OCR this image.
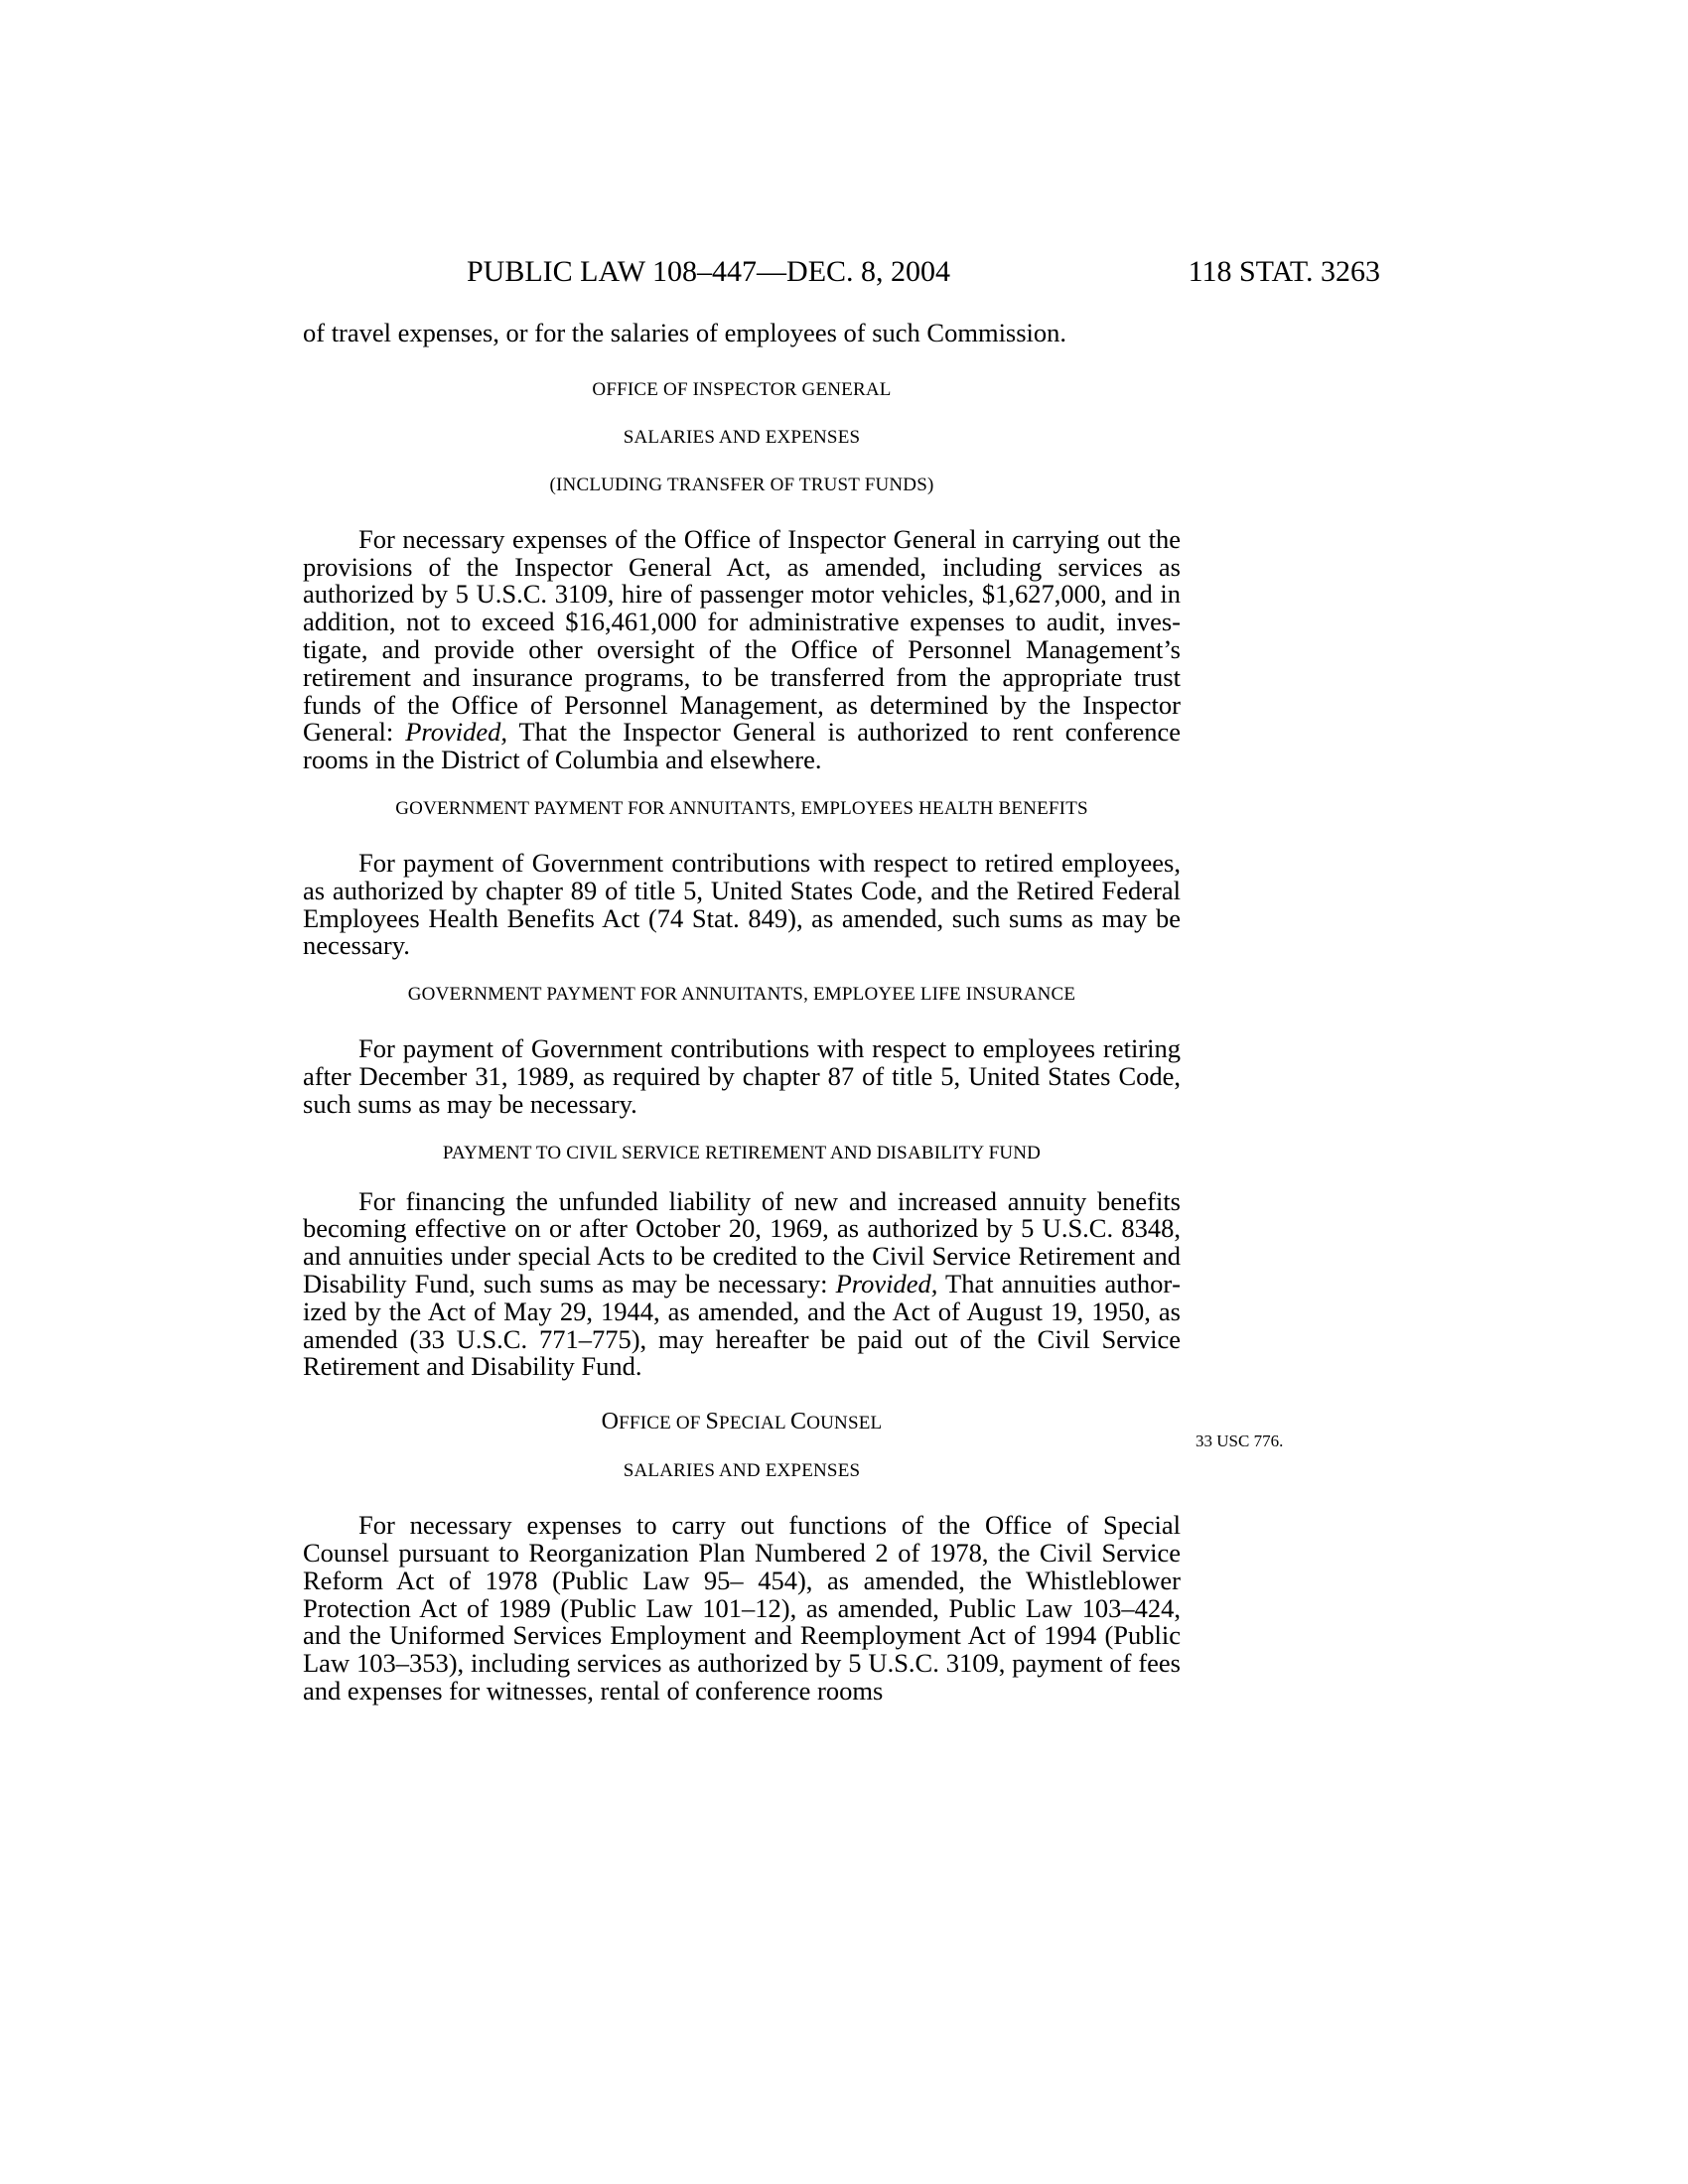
PUBLIC LAW 108–447—DEC. 8, 2004	118 STAT. 3263

of travel expenses, or for the salaries of employees of such Commission.

OFFICE OF INSPECTOR GENERAL

SALARIES AND EXPENSES

(INCLUDING TRANSFER OF TRUST FUNDS)

For necessary expenses of the Office of Inspector General in carrying out the provisions of the Inspector General Act, as amended, including services as authorized by 5 U.S.C. 3109, hire of passenger motor vehicles, $1,627,000, and in addition, not to exceed $16,461,000 for administrative expenses to audit, investigate, and provide other oversight of the Office of Personnel Management’s retirement and insurance programs, to be transferred from the appropriate trust funds of the Office of Personnel Management, as determined by the Inspector General: Provided, That the Inspector General is authorized to rent conference rooms in the District of Columbia and elsewhere.

GOVERNMENT PAYMENT FOR ANNUITANTS, EMPLOYEES HEALTH BENEFITS

For payment of Government contributions with respect to retired employees, as authorized by chapter 89 of title 5, United States Code, and the Retired Federal Employees Health Benefits Act (74 Stat. 849), as amended, such sums as may be necessary.

GOVERNMENT PAYMENT FOR ANNUITANTS, EMPLOYEE LIFE INSURANCE

For payment of Government contributions with respect to employees retiring after December 31, 1989, as required by chapter 87 of title 5, United States Code, such sums as may be necessary.

PAYMENT TO CIVIL SERVICE RETIREMENT AND DISABILITY FUND

For financing the unfunded liability of new and increased annuity benefits becoming effective on or after October 20, 1969, as authorized by 5 U.S.C. 8348, and annuities under special Acts to be credited to the Civil Service Retirement and Disability Fund, such sums as may be necessary: Provided, That annuities authorized by the Act of May 29, 1944, as amended, and the Act of August 19, 1950, as amended (33 U.S.C. 771–775), may hereafter be paid out of the Civil Service Retirement and Disability Fund.

OFFICE OF SPECIAL COUNSEL

SALARIES AND EXPENSES

For necessary expenses to carry out functions of the Office of Special Counsel pursuant to Reorganization Plan Numbered 2 of 1978, the Civil Service Reform Act of 1978 (Public Law 95– 454), as amended, the Whistleblower Protection Act of 1989 (Public Law 101–12), as amended, Public Law 103–424, and the Uniformed Services Employment and Reemployment Act of 1994 (Public Law 103–353), including services as authorized by 5 U.S.C. 3109, payment of fees and expenses for witnesses, rental of conference rooms

33 USC 776.
